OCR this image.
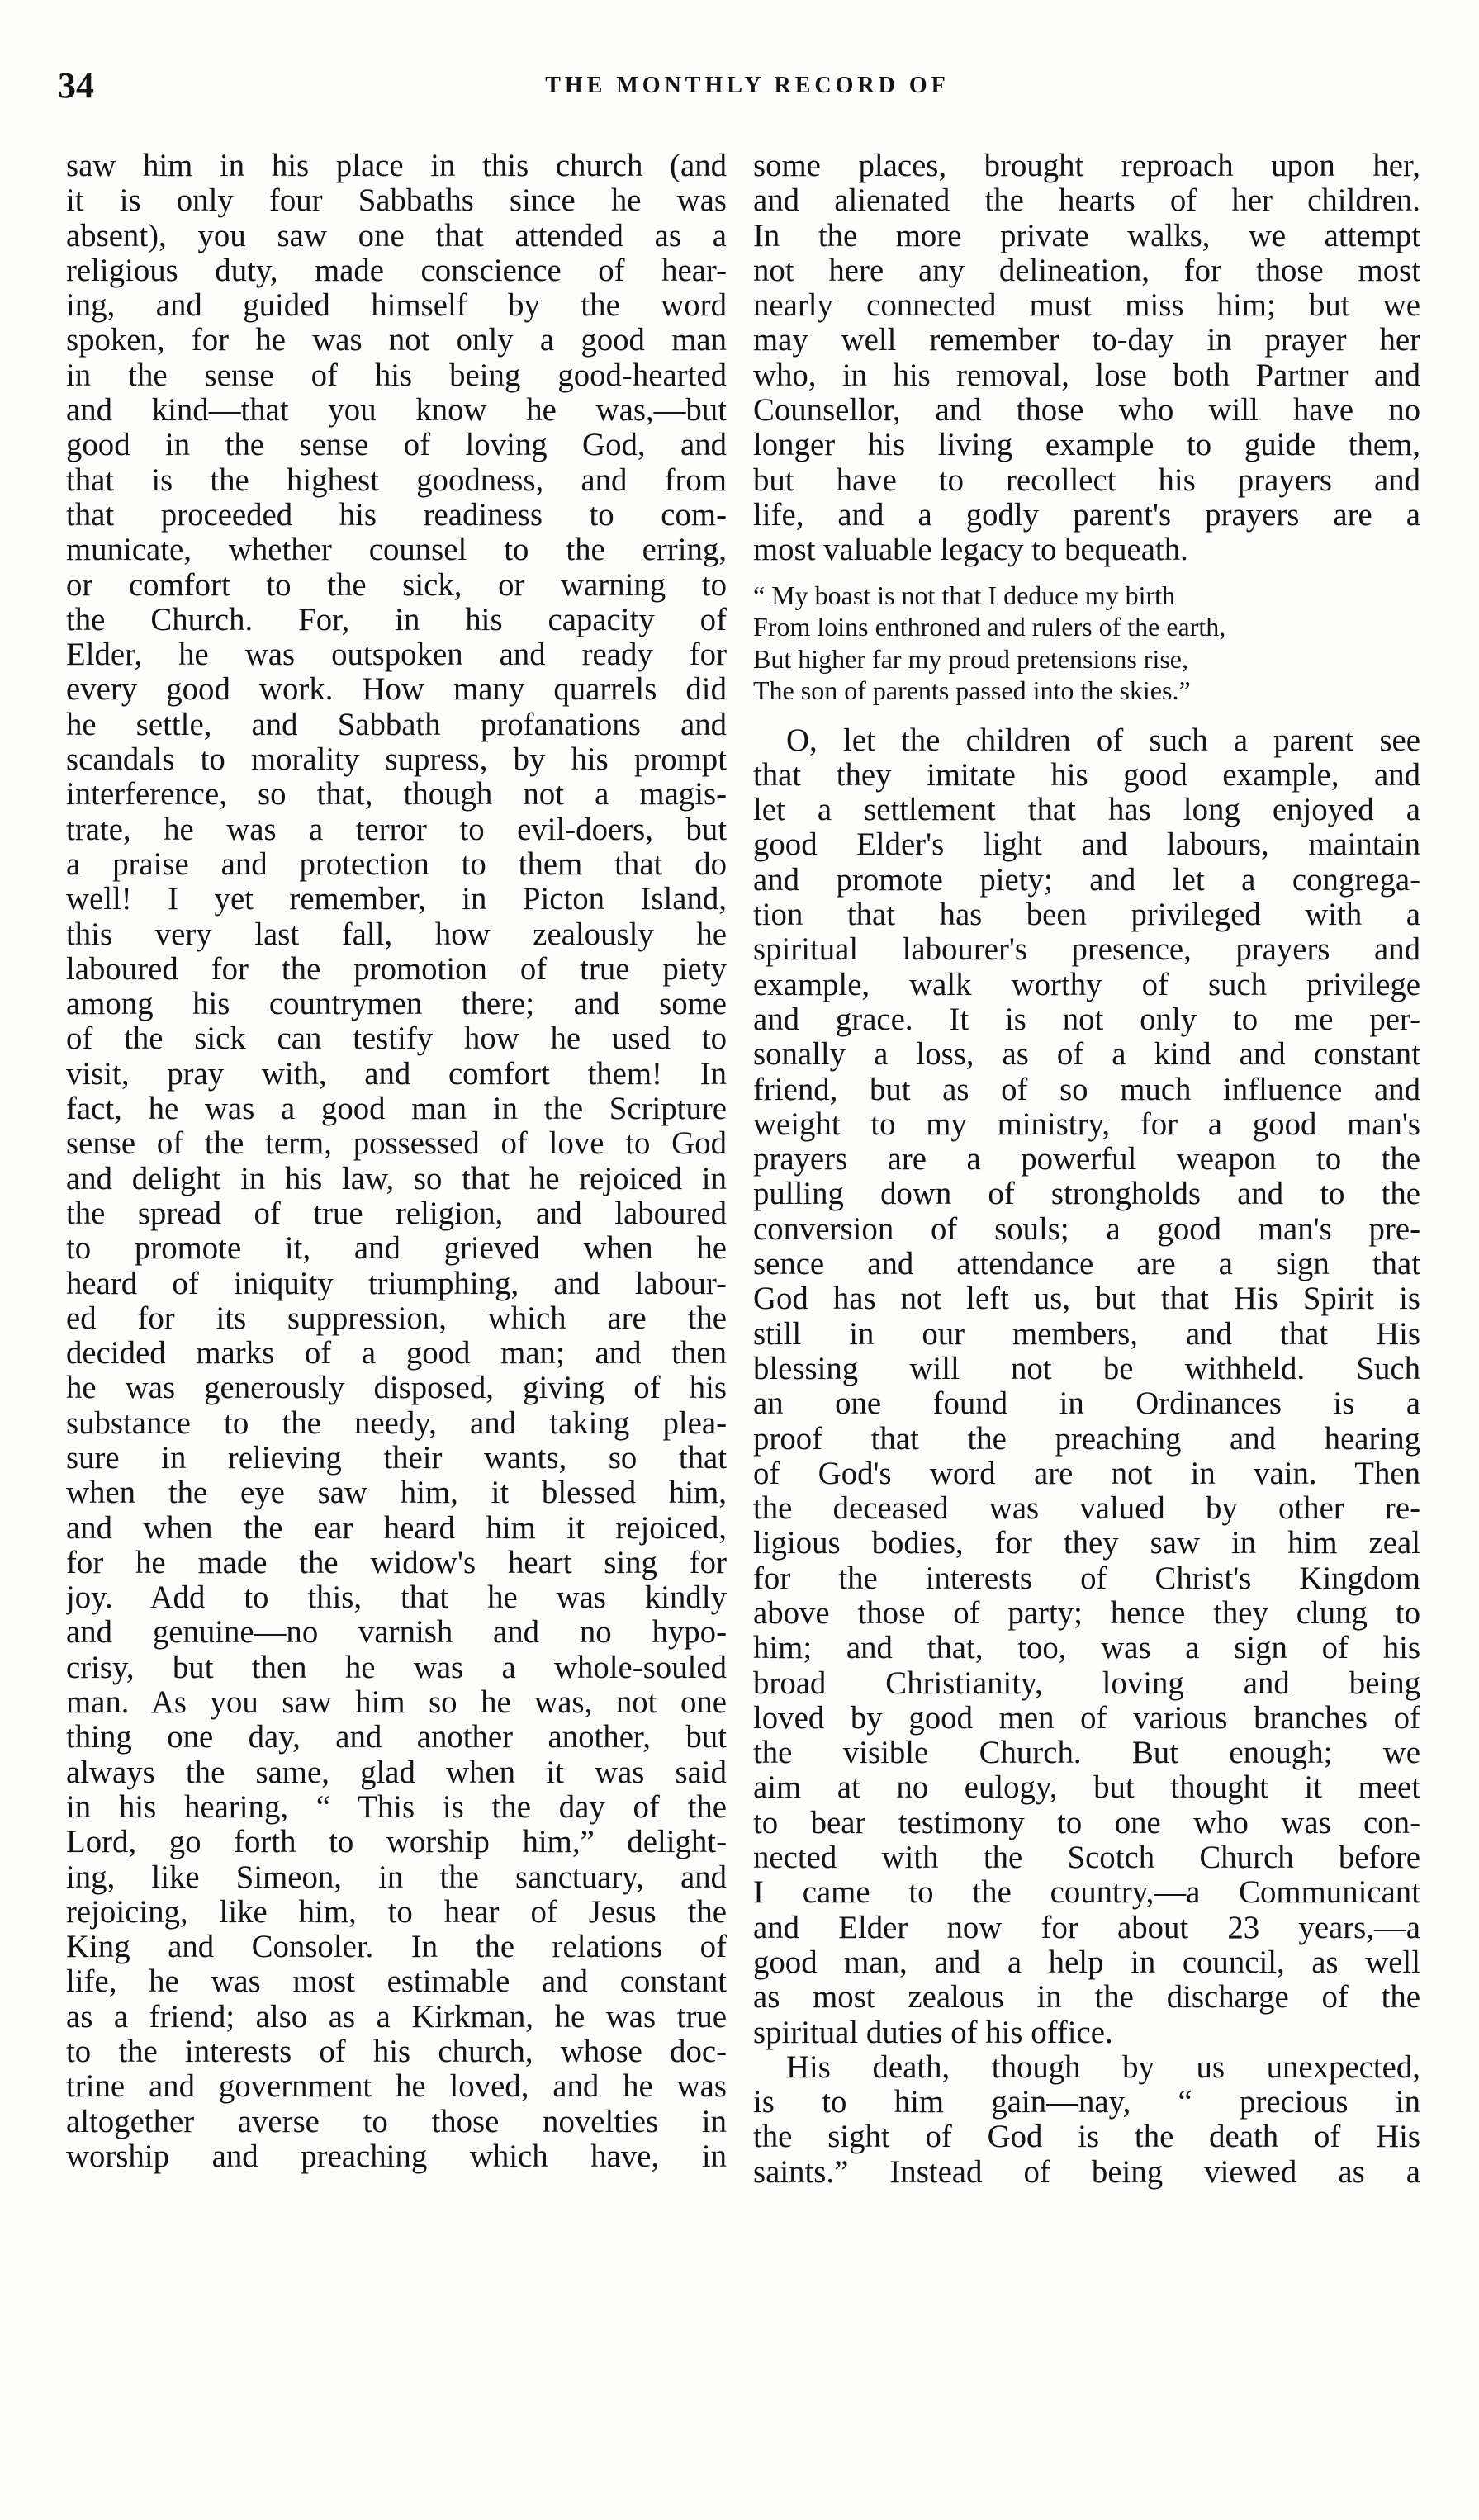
34	THE MONTHLY RECORD OF
saw him in his place in this church (and
it is only four Sabbaths since he was
absent), you saw one that attended as a
religious duty, made conscience of hear-
ing, and guided himself by the word
spoken, for he was not only a good man
in the sense of his being good-hearted
and kind—that you know he was,—but
good in the sense of loving God, and
that is the highest goodness, and from
that proceeded his readiness to com-
municate, whether counsel to the erring,
or comfort to the sick, or warning to
the Church. For, in his capacity of
Elder, he was outspoken and ready for
every good work. How many quarrels did
he settle, and Sabbath profanations and
scandals to morality supress, by his prompt
interference, so that, though not a magis-
trate, he was a terror to evil-doers, but
a praise and protection to them that do
well! I yet remember, in Picton Island,
this very last fall, how zealously he
laboured for the promotion of true piety
among his countrymen there; and some
of the sick can testify how he used to
visit, pray with, and comfort them! In
fact, he was a good man in the Scripture
sense of the term, possessed of love to God
and delight in his law, so that he rejoiced in
the spread of true religion, and laboured
to promote it, and grieved when he
heard of iniquity triumphing, and labour-
ed for its suppression, which are the
decided marks of a good man; and then
he was generously disposed, giving of his
substance to the needy, and taking plea-
sure in relieving their wants, so that
when the eye saw him, it blessed him,
and when the ear heard him it rejoiced,
for he made the widow's heart sing for
joy. Add to this, that he was kindly
and genuine—no varnish and no hypo-
crisy, but then he was a whole-souled
man. As you saw him so he was, not one
thing one day, and another another, but
always the same, glad when it was said
in his hearing, “ This is the day of the
Lord, go forth to worship him,” delight-
ing, like Simeon, in the sanctuary, and
rejoicing, like him, to hear of Jesus the
King and Consoler. In the relations of
life, he was most estimable and constant
as a friend; also as a Kirkman, he was true
to the interests of his church, whose doc-
trine and government he loved, and he was
altogether averse to those novelties in
worship and preaching which have, in
some places, brought reproach upon her,
and alienated the hearts of her children.
In the more private walks, we attempt
not here any delineation, for those most
nearly connected must miss him; but we
may well remember to-day in prayer her
who, in his removal, lose both Partner and
Counsellor, and those who will have no
longer his living example to guide them,
but have to recollect his prayers and
life, and a godly parent's prayers are a
most valuable legacy to bequeath.
“ My boast is not that I deduce my birth
From loins enthroned and rulers of the earth,
But higher far my proud pretensions rise,
The son of parents passed into the skies.”
O, let the children of such a parent see
that they imitate his good example, and
let a settlement that has long enjoyed a
good Elder's light and labours, maintain
and promote piety; and let a congrega-
tion that has been privileged with a
spiritual labourer's presence, prayers and
example, walk worthy of such privilege
and grace. It is not only to me per-
sonally a loss, as of a kind and constant
friend, but as of so much influence and
weight to my ministry, for a good man's
prayers are a powerful weapon to the
pulling down of strongholds and to the
conversion of souls; a good man's pre-
sence and attendance are a sign that
God has not left us, but that His Spirit is
still in our members, and that His
blessing will not be withheld. Such
an one found in Ordinances is a
proof that the preaching and hearing
of God's word are not in vain. Then
the deceased was valued by other re-
ligious bodies, for they saw in him zeal
for the interests of Christ's Kingdom
above those of party; hence they clung to
him; and that, too, was a sign of his
broad Christianity, loving and being
loved by good men of various branches of
the visible Church. But enough; we
aim at no eulogy, but thought it meet
to bear testimony to one who was con-
nected with the Scotch Church before
I came to the country,—a Communicant
and Elder now for about 23 years,—a
good man, and a help in council, as well
as most zealous in the discharge of the
spiritual duties of his office.
His death, though by us unexpected,
is to him gain—nay, “ precious in
the sight of God is the death of His
saints.” Instead of being viewed as a
